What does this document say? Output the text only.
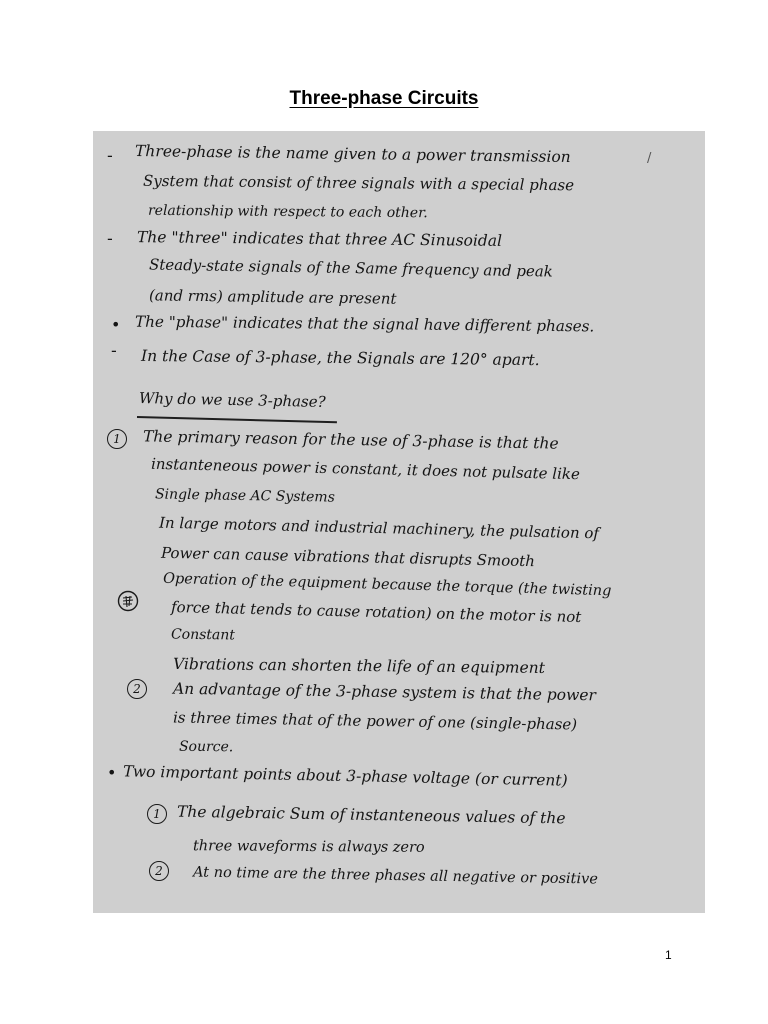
Three-phase Circuits
- Three-phase is the name given to a power transmission	/
System that consist of three signals with a special phase
relationship with respect to each other.
- The "three" indicates that three AC Sinusoidal
Steady-state signals of the Same frequency and peak
(and rms) amplitude are present
• The "phase" indicates that the signal have different phases.
- In the Case of 3-phase, the Signals are 120° apart.
Why do we use 3-phase?
1	The primary reason for the use of 3-phase is that the
instanteneous power is constant, it does not pulsate like
Single phase AC Systems
In large motors and industrial machinery, the pulsation of
Power can cause vibrations that disrupts Smooth
Operation of the equipment because the torque (the twisting
force that tends to cause rotation) on the motor is not
Constant
Vibrations can shorten the life of an equipment
2	An advantage of the 3-phase system is that the power
is three times that of the power of one (single-phase)
Source.
• Two important points about 3-phase voltage (or current)
1	The algebraic Sum of instanteneous values of the
three waveforms is always zero
2	At no time are the three phases all negative or positive
1
